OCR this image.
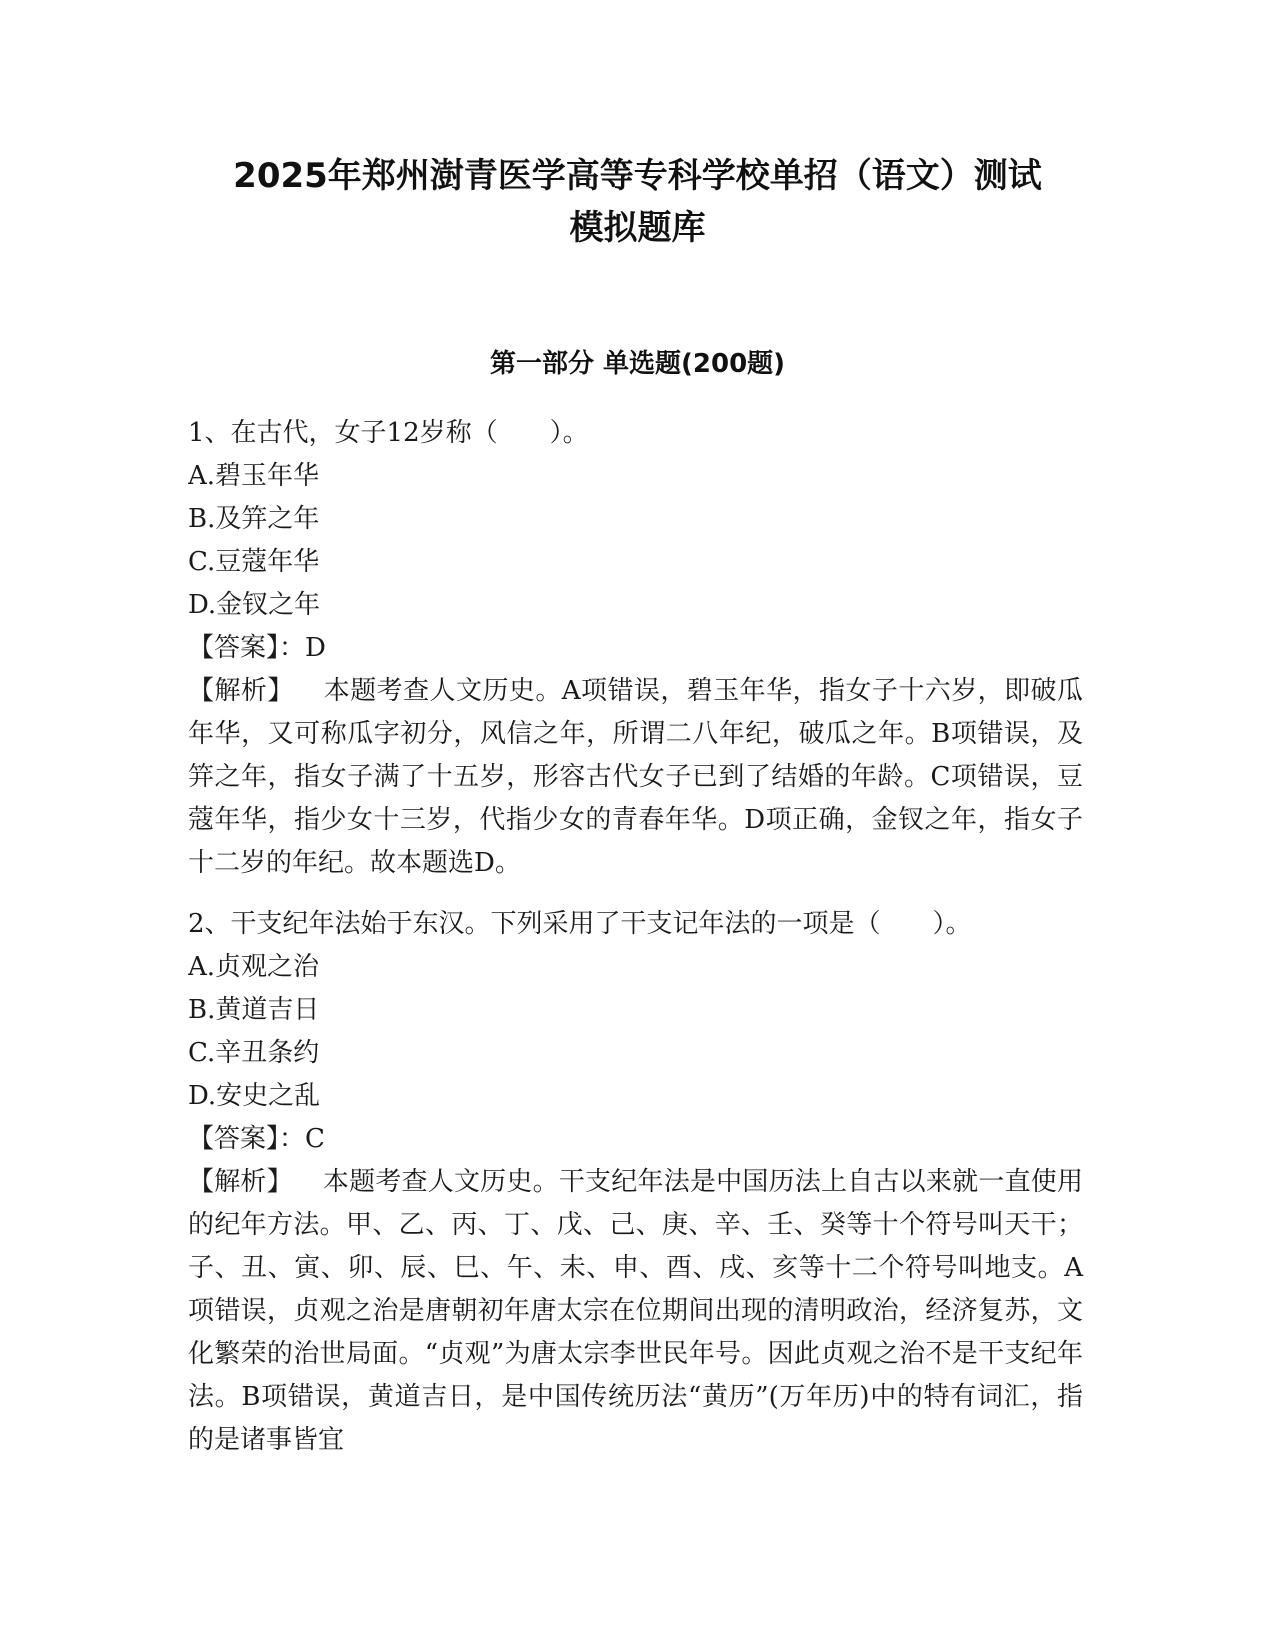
2025年郑州澍青医学高等专科学校单招（语文）测试
模拟题库
第一部分 单选题(200题)
1、在古代，女子12岁称（　　）。
A.碧玉年华
B.及笄之年
C.豆蔻年华
D.金钗之年
【答案】：D
【解析】 本题考查人文历史。A项错误，碧玉年华，指女子十六岁，即破瓜年华，又可称瓜字初分，风信之年，所谓二八年纪，破瓜之年。B项错误，及笄之年，指女子满了十五岁，形容古代女子已到了结婚的年龄。C项错误，豆蔻年华，指少女十三岁，代指少女的青春年华。D项正确，金钗之年，指女子十二岁的年纪。故本题选D。
2、干支纪年法始于东汉。下列采用了干支记年法的一项是（　　）。
A.贞观之治
B.黄道吉日
C.辛丑条约
D.安史之乱
【答案】：C
【解析】 本题考查人文历史。干支纪年法是中国历法上自古以来就一直使用的纪年方法。甲、乙、丙、丁、戊、己、庚、辛、壬、癸等十个符号叫天干；子、丑、寅、卯、辰、巳、午、未、申、酉、戌、亥等十二个符号叫地支。A项错误，贞观之治是唐朝初年唐太宗在位期间出现的清明政治，经济复苏，文化繁荣的治世局面。“贞观”为唐太宗李世民年号。因此贞观之治不是干支纪年法。B项错误，黄道吉日，是中国传统历法“黄历”(万年历)中的特有词汇，指的是诸事皆宜
